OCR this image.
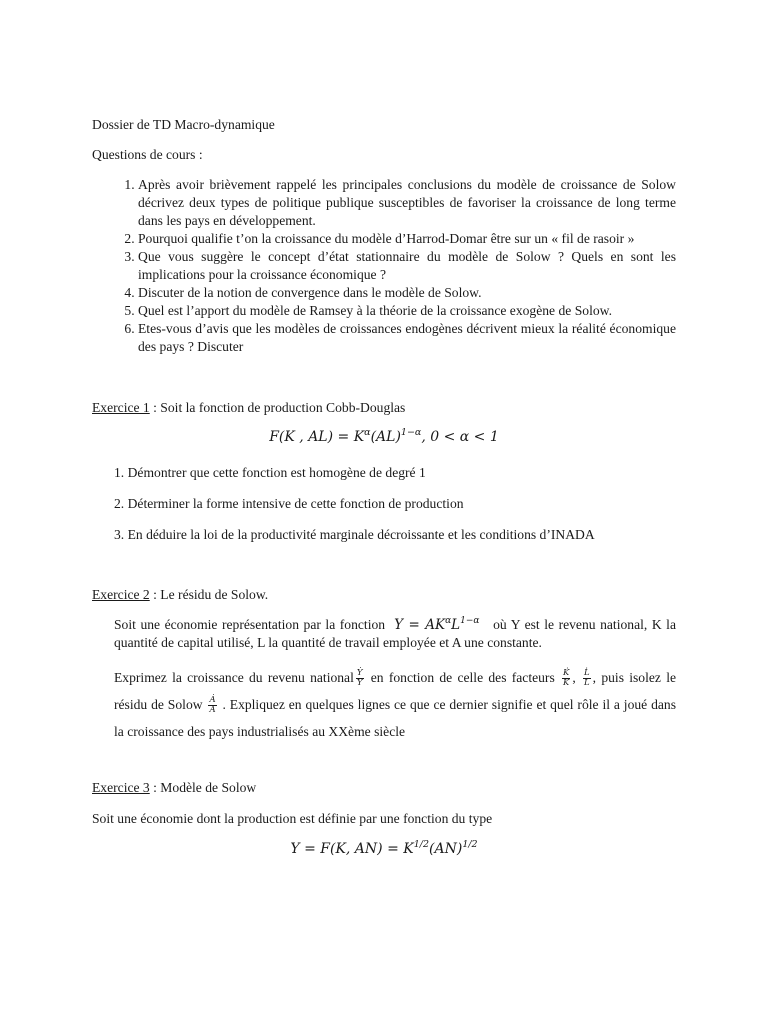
Dossier de TD Macro-dynamique
Questions de cours :
1. Après avoir brièvement rappelé les principales conclusions du modèle de croissance de Solow décrivez deux types de politique publique susceptibles de favoriser la croissance de long terme dans les pays en développement.
2. Pourquoi qualifie t’on la croissance du modèle d’Harrod-Domar être sur un « fil de rasoir »
3. Que vous suggère le concept d’état stationnaire du modèle de Solow ? Quels en sont les implications pour la croissance économique ?
4. Discuter de la notion de convergence dans le modèle de Solow.
5. Quel est l’apport du modèle de Ramsey à la théorie de la croissance exogène de Solow.
6. Etes-vous d’avis que les modèles de croissances endogènes décrivent mieux la réalité économique des pays ? Discuter
Exercice 1 : Soit la fonction de production Cobb-Douglas
F(K , $AL) = K^\alpha(AL)^{1-\alpha}$, 0 < α < 1
1. Démontrer que cette fonction est homogène de degré 1
2. Déterminer la forme intensive de cette fonction de production
3. En déduire la loi de la productivité marginale décroissante et les conditions d’INADA
Exercice 2 : Le résidu de Solow.
Soit une économie représentation par la fonction $Y = AK^\alpha L^{1-\alpha}$ où Y est le revenu national, K la quantité de capital utilisé, L la quantité de travail employée et A une constante.
Exprimez la croissance du revenu national $\frac{\text{Ẏ}}{Y}$ en fonction de celle des facteurs $\frac{K̇}{K}$ , $\frac{L̇}{L}$ , puis isolez le résidu de Solow $\frac{Ȧ}{A}$ . Expliquez en quelques lignes ce que ce dernier signifie et quel rôle il a joué dans la croissance des pays industrialisés au XXème siècle
Exercice 3 : Modèle de Solow
Soit une économie dont la production est définie par une fonction du type
Y = F(K, $AN) = K^{1/2}(AN)^{1/2}$
